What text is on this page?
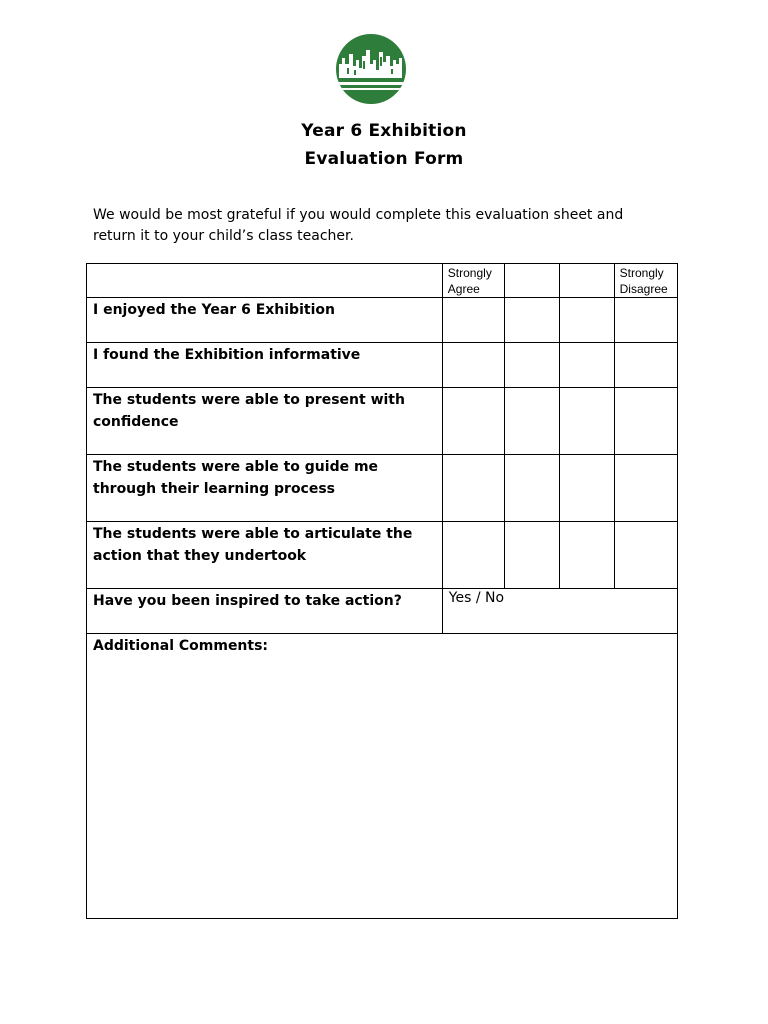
Year 6 Exhibition
Evaluation Form
We would be most grateful if you would complete this evaluation sheet and
return it to your child’s class teacher.

	Strongly Agree			Strongly Disagree

I enjoyed the Year 6 Exhibition				

I found the Exhibition informative				

The students were able to present with confidence				

The students were able to guide me through their learning process				

The students were able to articulate the action that they undertook				

Have you been inspired to take action?	Yes / No			

Additional Comments:				
